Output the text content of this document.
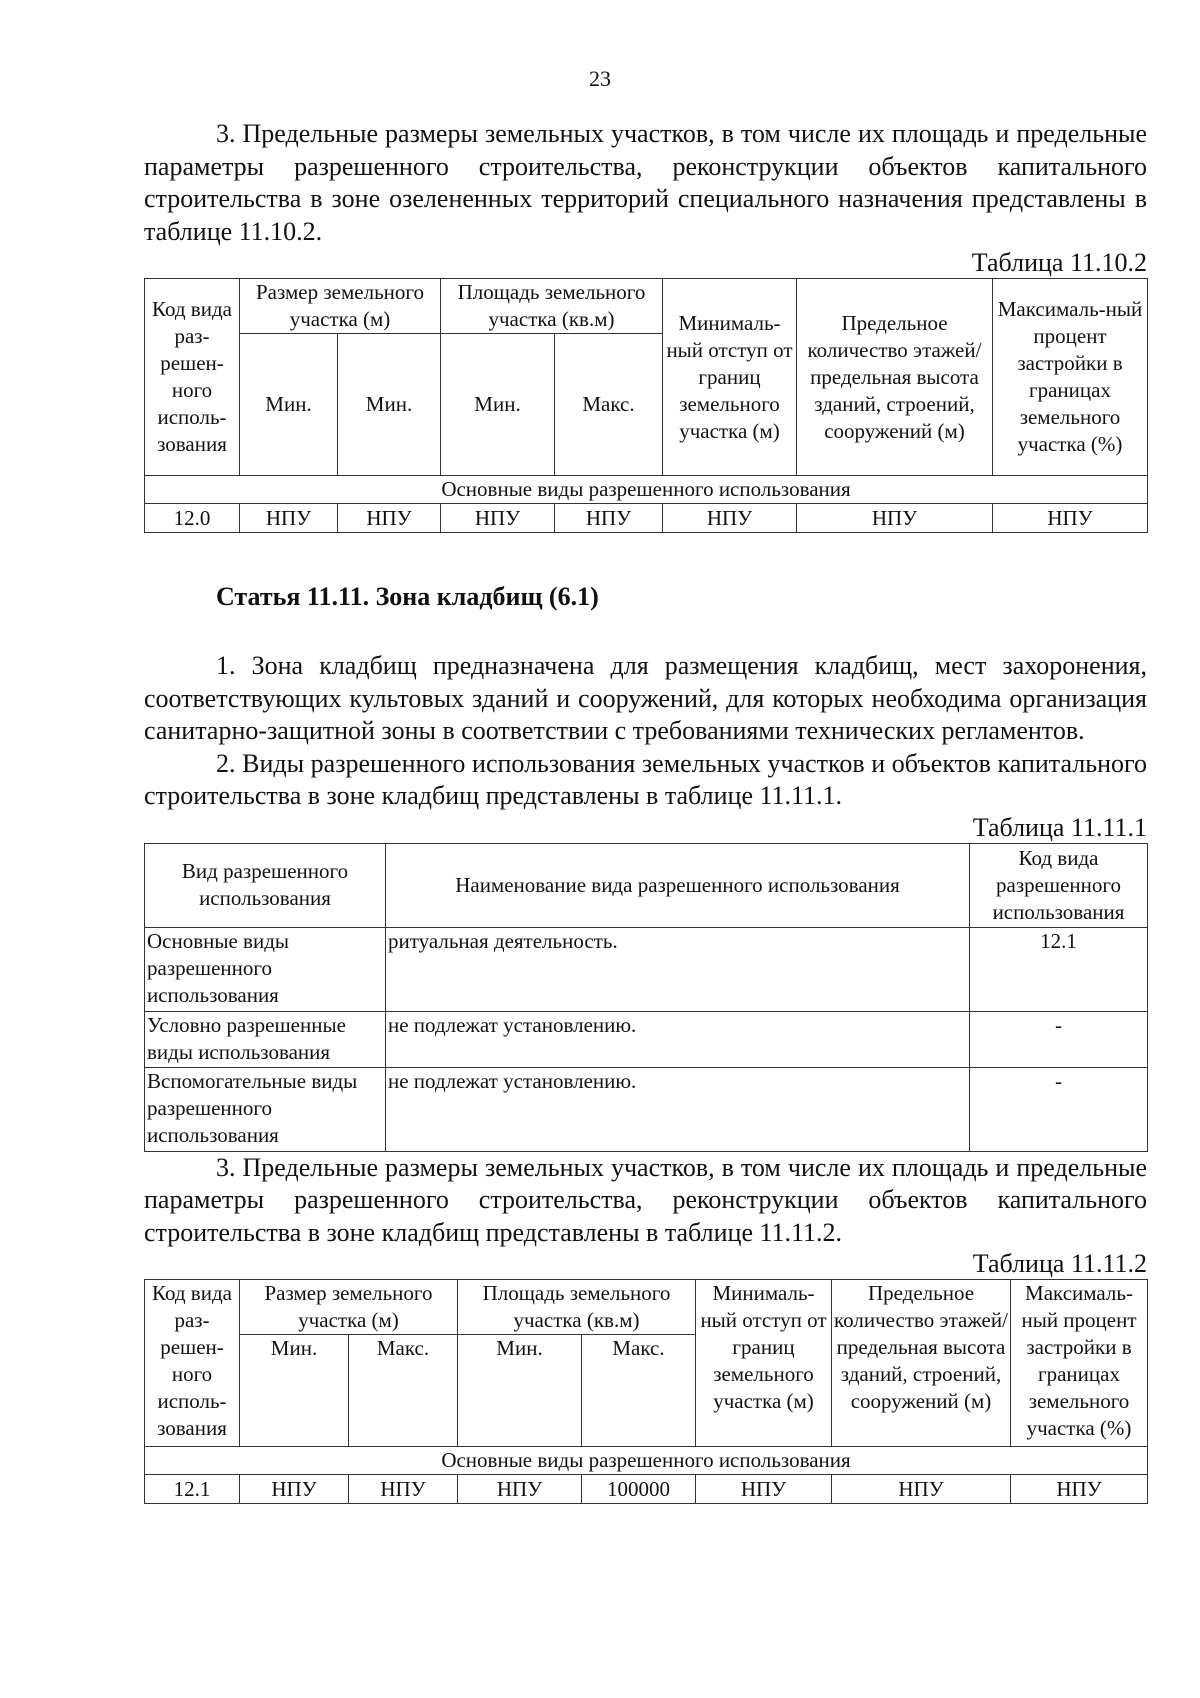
23

3. Предельные размеры земельных участков, в том числе их площадь и предельные параметры разрешенного строительства, реконструкции объектов капитального строительства в зоне озелененных территорий специального назначения представлены в таблице 11.10.2.

Таблица 11.10.2
Код вида раз-решен-ного исполь-зования	Размер земельного участка (м)		Площадь земельного участка (кв.м)		Минималь-ный отступ от границ земельного участка (м)	Предельное количество этажей/ предельная высота зданий, строений, сооружений (м)	Максималь-ный процент застройки в границах земельного участка (%)
	Мин.	Мин.	Мин.	Макс.			
Основные виды разрешенного использования							
12.0	НПУ	НПУ	НПУ	НПУ	НПУ	НПУ	НПУ
Статья 11.11. Зона кладбищ (6.1)

1. Зона кладбищ предназначена для размещения кладбищ, мест захоронения, соответствующих культовых зданий и сооружений, для которых необходима организация санитарно-защитной зоны в соответствии с требованиями технических регламентов.

2. Виды разрешенного использования земельных участков и объектов капитального строительства в зоне кладбищ представлены в таблице 11.11.1.

Таблица 11.11.1
Вид разрешенного использования	Наименование вида разрешенного использования	Код вида разрешенного использования
Основные виды разрешенного использования	ритуальная деятельность.	12.1
Условно разрешенные виды использования	не подлежат установлению.	-
Вспомогательные виды разрешенного использования	не подлежат установлению.	-

3. Предельные размеры земельных участков, в том числе их площадь и предельные параметры разрешенного строительства, реконструкции объектов капитального строительства в зоне кладбищ представлены в таблице 11.11.2.

Таблица 11.11.2
Код вида раз-решен-ного исполь-зования	Размер земельного участка (м)		Площадь земельного участка (кв.м)		Минималь-ный отступ от границ земельного участка (м)	Предельное количество этажей/ предельная высота зданий, строений, сооружений (м)	Максималь-ный процент застройки в границах земельного участка (%)
	Мин.	Макс.	Мин.	Макс.			
Основные виды разрешенного использования							
12.1	НПУ	НПУ	НПУ	100000	НПУ	НПУ	НПУ
